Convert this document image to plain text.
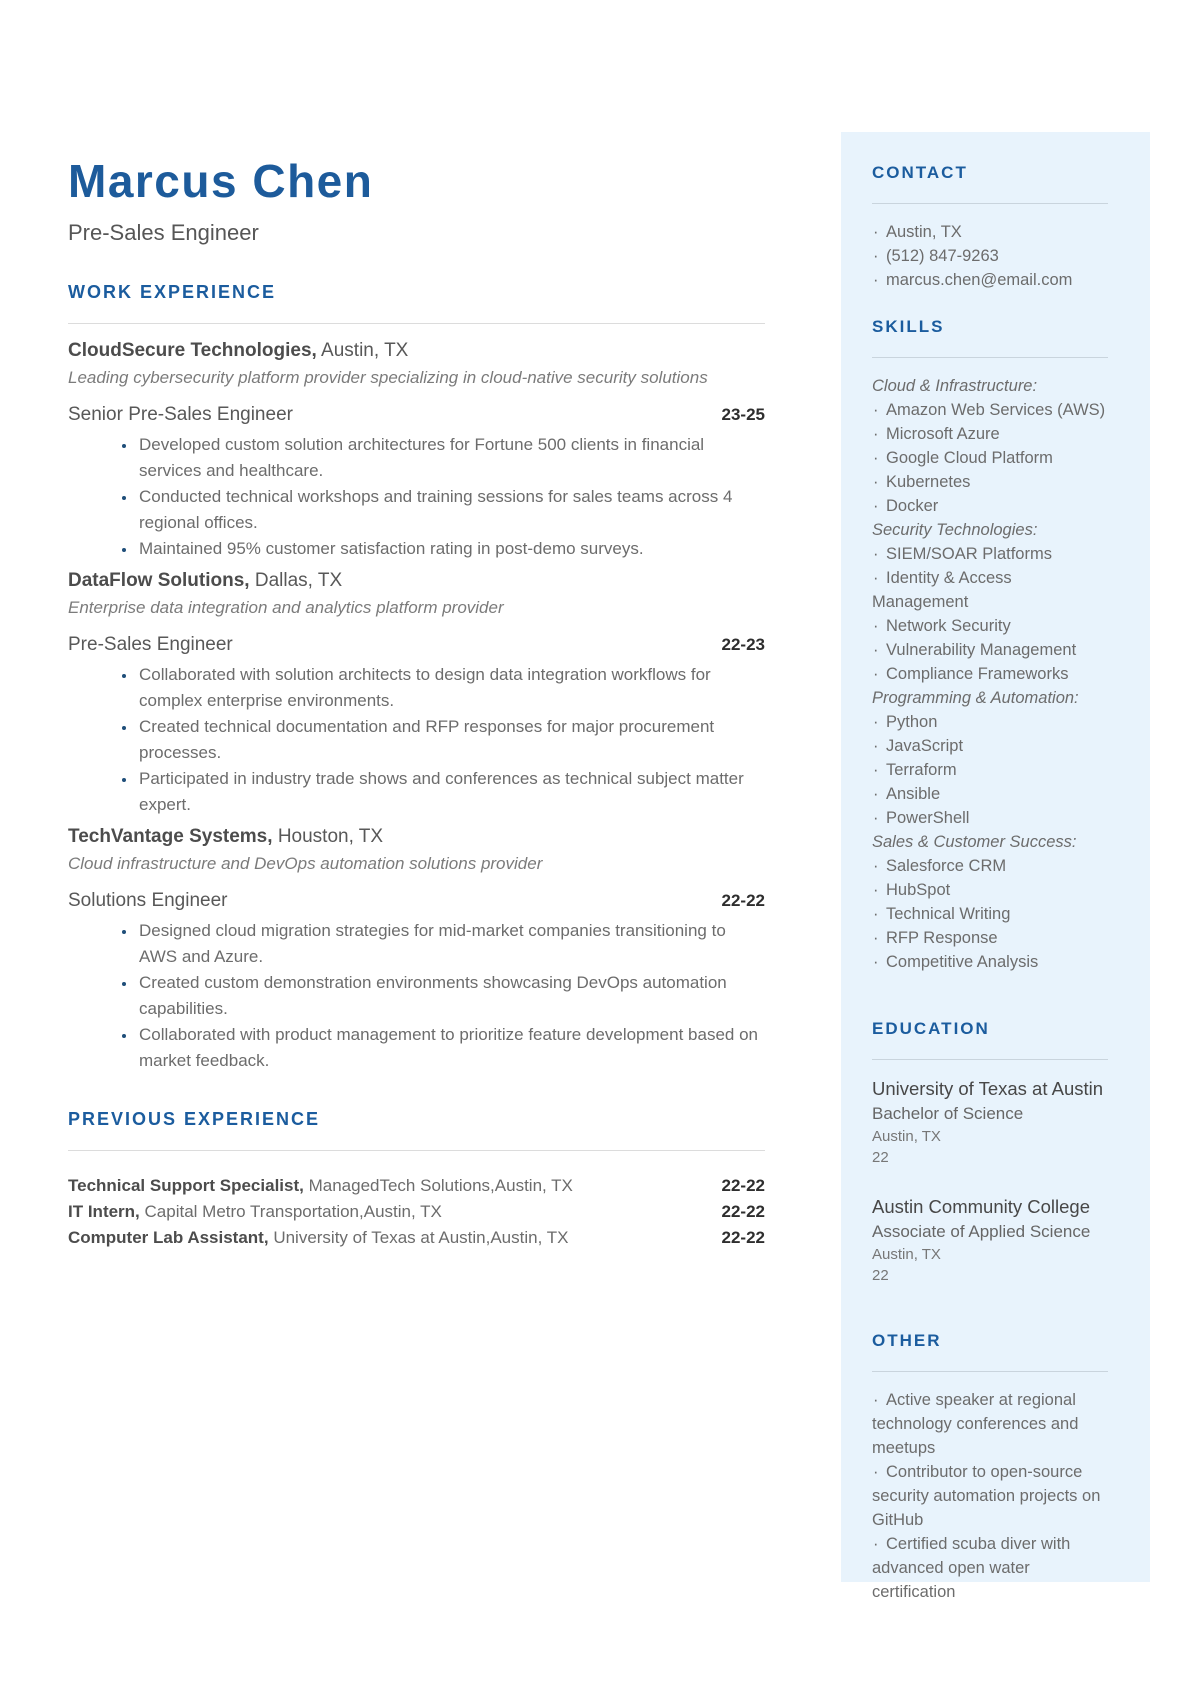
Marcus Chen
Pre-Sales Engineer
WORK EXPERIENCE
CloudSecure Technologies, Austin, TX
Leading cybersecurity platform provider specializing in cloud-native security solutions
Senior Pre-Sales Engineer	23-25
• Developed custom solution architectures for Fortune 500 clients in financial services and healthcare.
• Conducted technical workshops and training sessions for sales teams across 4 regional offices.
• Maintained 95% customer satisfaction rating in post-demo surveys.
DataFlow Solutions, Dallas, TX
Enterprise data integration and analytics platform provider
Pre-Sales Engineer	22-23
• Collaborated with solution architects to design data integration workflows for complex enterprise environments.
• Created technical documentation and RFP responses for major procurement processes.
• Participated in industry trade shows and conferences as technical subject matter expert.
TechVantage Systems, Houston, TX
Cloud infrastructure and DevOps automation solutions provider
Solutions Engineer	22-22
• Designed cloud migration strategies for mid-market companies transitioning to AWS and Azure.
• Created custom demonstration environments showcasing DevOps automation capabilities.
• Collaborated with product management to prioritize feature development based on market feedback.
PREVIOUS EXPERIENCE
Technical Support Specialist, ManagedTech Solutions,Austin, TX	22-22
IT Intern, Capital Metro Transportation,Austin, TX	22-22
Computer Lab Assistant, University of Texas at Austin,Austin, TX	22-22
CONTACT
· Austin, TX
· (512) 847-9263
· marcus.chen@email.com
SKILLS
Cloud & Infrastructure:
· Amazon Web Services (AWS)
· Microsoft Azure
· Google Cloud Platform
· Kubernetes
· Docker
Security Technologies:
· SIEM/SOAR Platforms
· Identity & Access Management
· Network Security
· Vulnerability Management
· Compliance Frameworks
Programming & Automation:
· Python
· JavaScript
· Terraform
· Ansible
· PowerShell
Sales & Customer Success:
· Salesforce CRM
· HubSpot
· Technical Writing
· RFP Response
· Competitive Analysis
EDUCATION
University of Texas at Austin
Bachelor of Science
Austin, TX
22
Austin Community College
Associate of Applied Science
Austin, TX
22
OTHER
· Active speaker at regional technology conferences and meetups
· Contributor to open-source security automation projects on GitHub
· Certified scuba diver with advanced open water certification
